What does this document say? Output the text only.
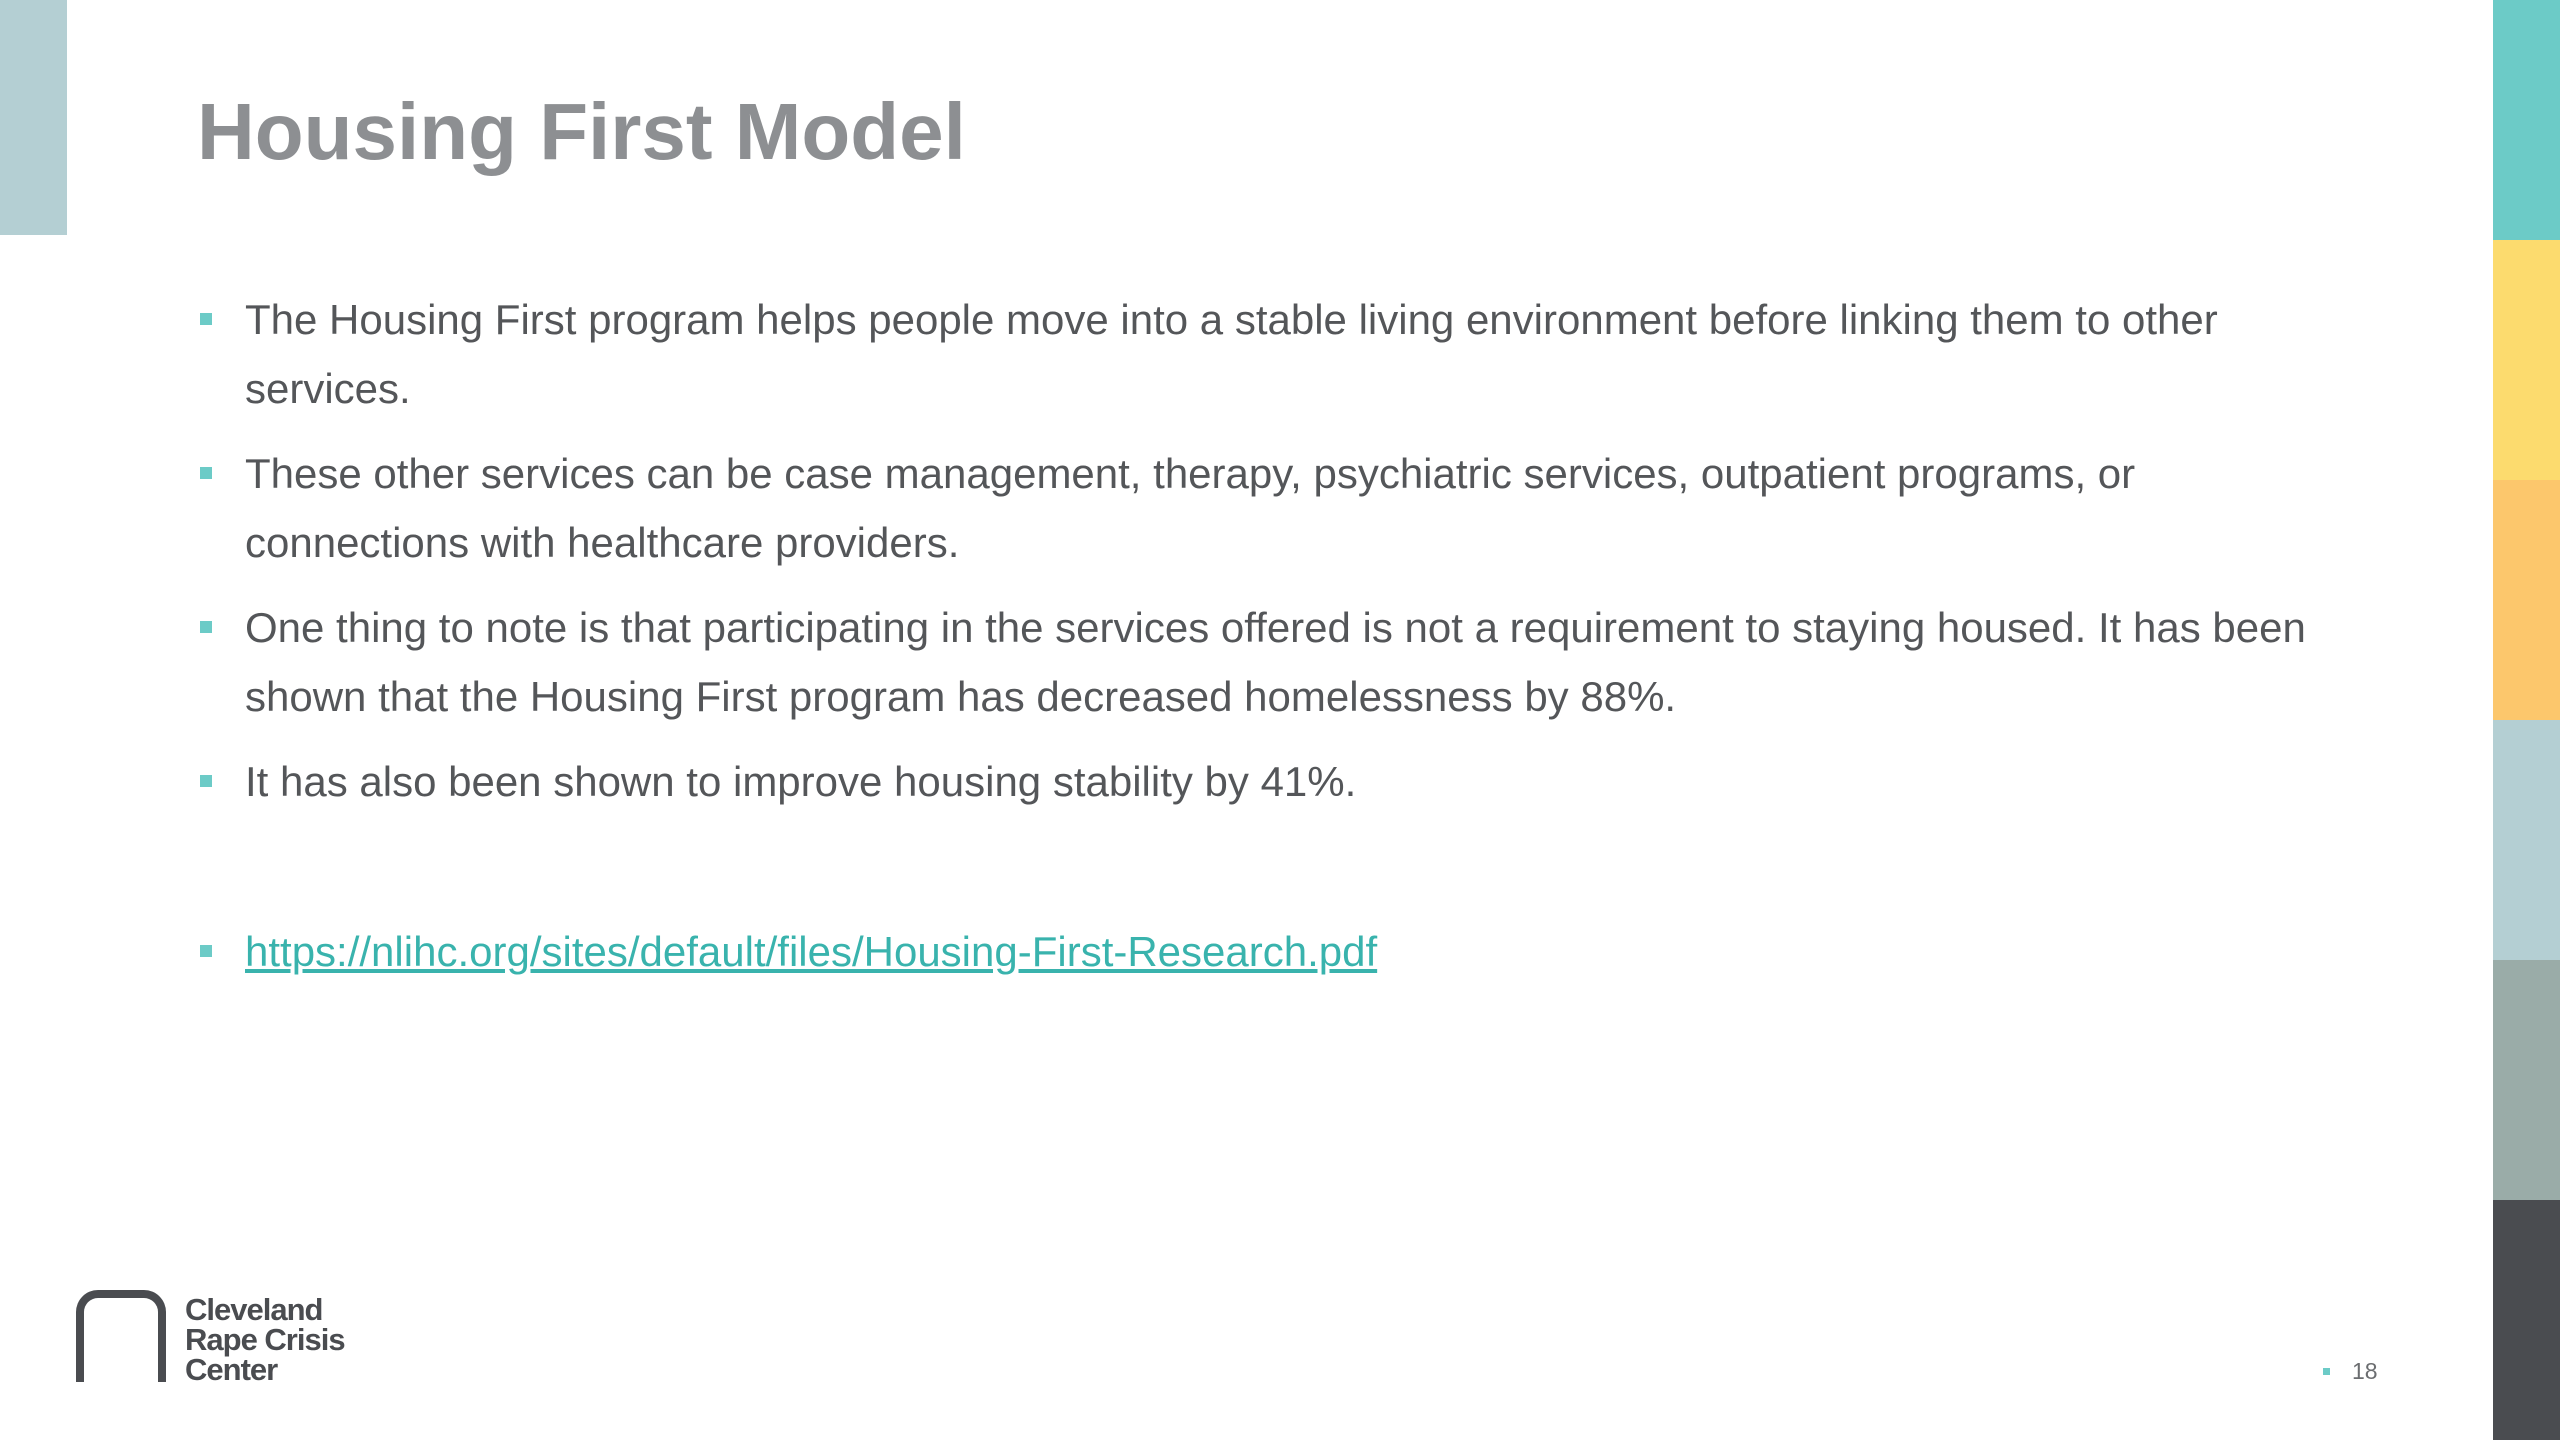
Housing First Model
The Housing First program helps people move into a stable living environment before linking them to other services.
These other services can be case management, therapy, psychiatric services, outpatient programs, or connections with healthcare providers.
One thing to note is that participating in the services offered is not a requirement to staying housed. It has been shown that the Housing First program has decreased homelessness by 88%.
It has also been shown to improve housing stability by 41%.
https://nlihc.org/sites/default/files/Housing-First-Research.pdf
Cleveland
Rape Crisis
Center	18
